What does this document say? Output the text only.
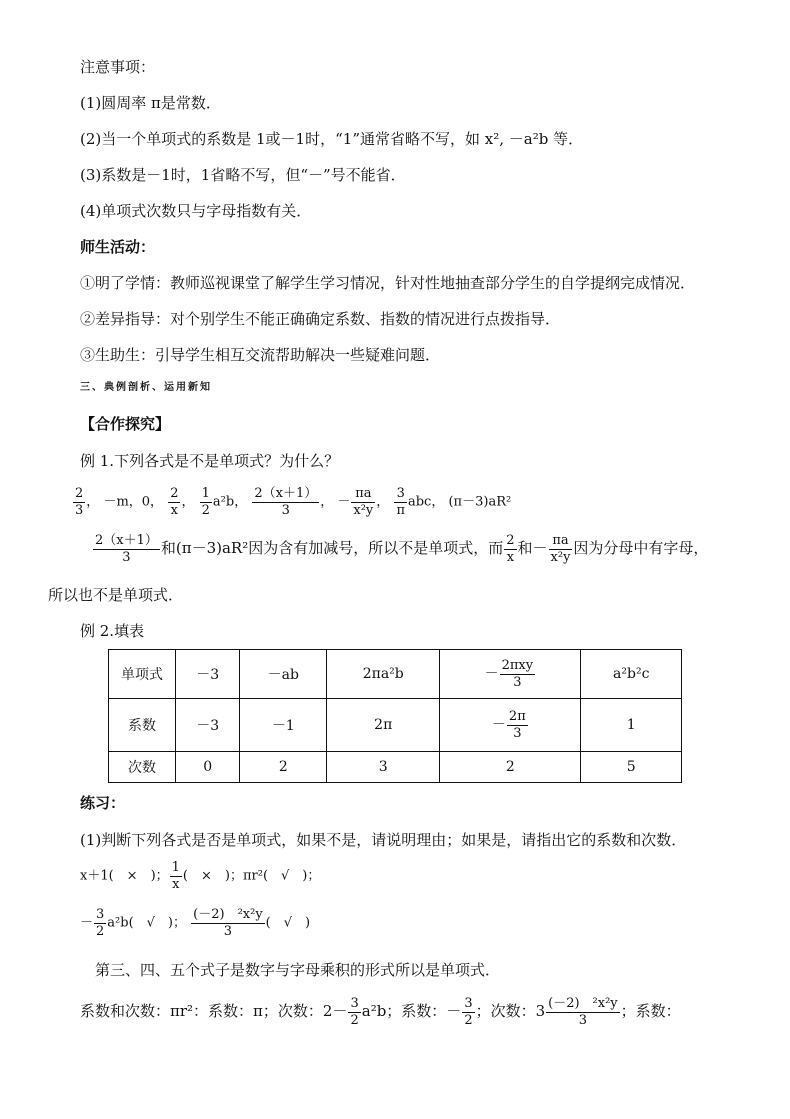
注意事项：
(1)圆周率 π是常数．
(2)当一个单项式的系数是 1或－1时，“1”通常省略不写，如 x², －a²b 等．
(3)系数是－1时，1省略不写，但“－”号不能省．
(4)单项式次数只与字母指数有关．
师生活动：
①明了学情：教师巡视课堂了解学生学习情况，针对性地抽查部分学生的自学提纲完成情况．
②差异指导：对个别学生不能正确确定系数、指数的情况进行点拨指导．
③生助生：引导学生相互交流帮助解决一些疑难问题．
三、典例剖析、运用新知
【合作探究】
例 1.下列各式是不是单项式？为什么？
$\frac{2}{3}$ ， －m，0， $\frac{2}{x}$ ， $\frac{1}{2} a^2b$， $\frac{2(x+1)}{3}$ ， － $\frac{\pi a}{\text{x²y}}$ ， $\frac{3}{\pi}$ abc， (π－3)aR²
$\frac{2(x+1)}{3}$ 和(π－3)aR²因为含有加减号，所以不是单项式，而 $\frac{2}{x}$ 和－ $\frac{\pi a}{\text{x²y}}$ 因为分母中有字母，
所以也不是单项式．
例 2.填表
单项式	－3	－ab	2πa²b	－ $\frac{\text{2πxy}}{3}$	a²b²c
系数	－3	－1	2π	－ $\frac{2\pi}{3}$	1
次数	0	2	3	2	5
练习：
(1)判断下列各式是否是单项式，如果不是，请说明理由；如果是，请指出它的系数和次数．
x＋1(　×　)； $\frac{1}{x}$ (　×　)；πr²(　√　)；
－ $\frac{3}{2} a^2b$(　√　)； $\frac{\text{(－2)　²x²y}}{3}$ (　√　)
第三、四、五个式子是数字与字母乘积的形式所以是单项式．
系数和次数：πr²：系数：π；次数：$2- \frac{3}{2} a^2b$；系数：－ $\frac{3}{2}$ ；次数：$3 \frac{\text{(－2)　²x²y}}{3}$ ；系数：
